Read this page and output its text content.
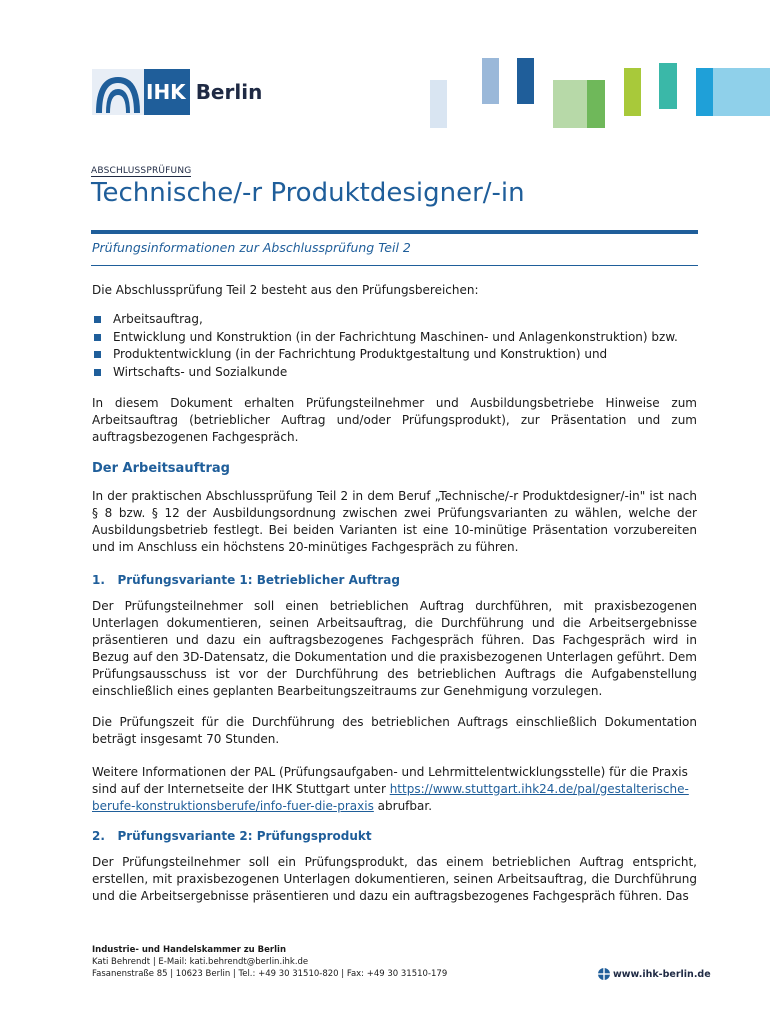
IHK Berlin
ABSCHLUSSPRÜFUNG
Technische/-r Produktdesigner/-in
Prüfungsinformationen zur Abschlussprüfung Teil 2
Die Abschlussprüfung Teil 2 besteht aus den Prüfungsbereichen:
Arbeitsauftrag,
Entwicklung und Konstruktion (in der Fachrichtung Maschinen- und Anlagenkonstruktion) bzw.
Produktentwicklung (in der Fachrichtung Produktgestaltung und Konstruktion) und
Wirtschafts- und Sozialkunde
In diesem Dokument erhalten Prüfungsteilnehmer und Ausbildungsbetriebe Hinweise zum Arbeitsauftrag (betrieblicher Auftrag und/oder Prüfungsprodukt), zur Präsentation und zum auftragsbezogenen Fachgespräch.
Der Arbeitsauftrag
In der praktischen Abschlussprüfung Teil 2 in dem Beruf „Technische/-r Produktdesigner/-in" ist nach § 8 bzw. § 12 der Ausbildungsordnung zwischen zwei Prüfungsvarianten zu wählen, welche der Ausbildungsbetrieb festlegt. Bei beiden Varianten ist eine 10-minütige Präsentation vorzubereiten und im Anschluss ein höchstens 20-minütiges Fachgespräch zu führen.
1.   Prüfungsvariante 1: Betrieblicher Auftrag
Der Prüfungsteilnehmer soll einen betrieblichen Auftrag durchführen, mit praxisbezogenen Unterlagen dokumentieren, seinen Arbeitsauftrag, die Durchführung und die Arbeitsergebnisse präsentieren und dazu ein auftragsbezogenes Fachgespräch führen. Das Fachgespräch wird in Bezug auf den 3D-Datensatz, die Dokumentation und die praxisbezogenen Unterlagen geführt. Dem Prüfungsausschuss ist vor der Durchführung des betrieblichen Auftrags die Aufgabenstellung einschließlich eines geplanten Bearbeitungszeitraums zur Genehmigung vorzulegen.
Die Prüfungszeit für die Durchführung des betrieblichen Auftrags einschließlich Dokumentation beträgt insgesamt 70 Stunden.
Weitere Informationen der PAL (Prüfungsaufgaben- und Lehrmittelentwicklungsstelle) für die Praxis sind auf der Internetseite der IHK Stuttgart unter https://www.stuttgart.ihk24.de/pal/gestalterische-berufe-konstruktionsberufe/info-fuer-die-praxis abrufbar.
2.   Prüfungsvariante 2: Prüfungsprodukt
Der Prüfungsteilnehmer soll ein Prüfungsprodukt, das einem betrieblichen Auftrag entspricht, erstellen, mit praxisbezogenen Unterlagen dokumentieren, seinen Arbeitsauftrag, die Durchführung und die Arbeitsergebnisse präsentieren und dazu ein auftragsbezogenes Fachgespräch führen. Das
Industrie- und Handelskammer zu Berlin
Kati Behrendt | E-Mail: kati.behrendt@berlin.ihk.de
Fasanenstraße 85 | 10623 Berlin | Tel.: +49 30 31510-820 | Fax: +49 30 31510-179	www.ihk-berlin.de
